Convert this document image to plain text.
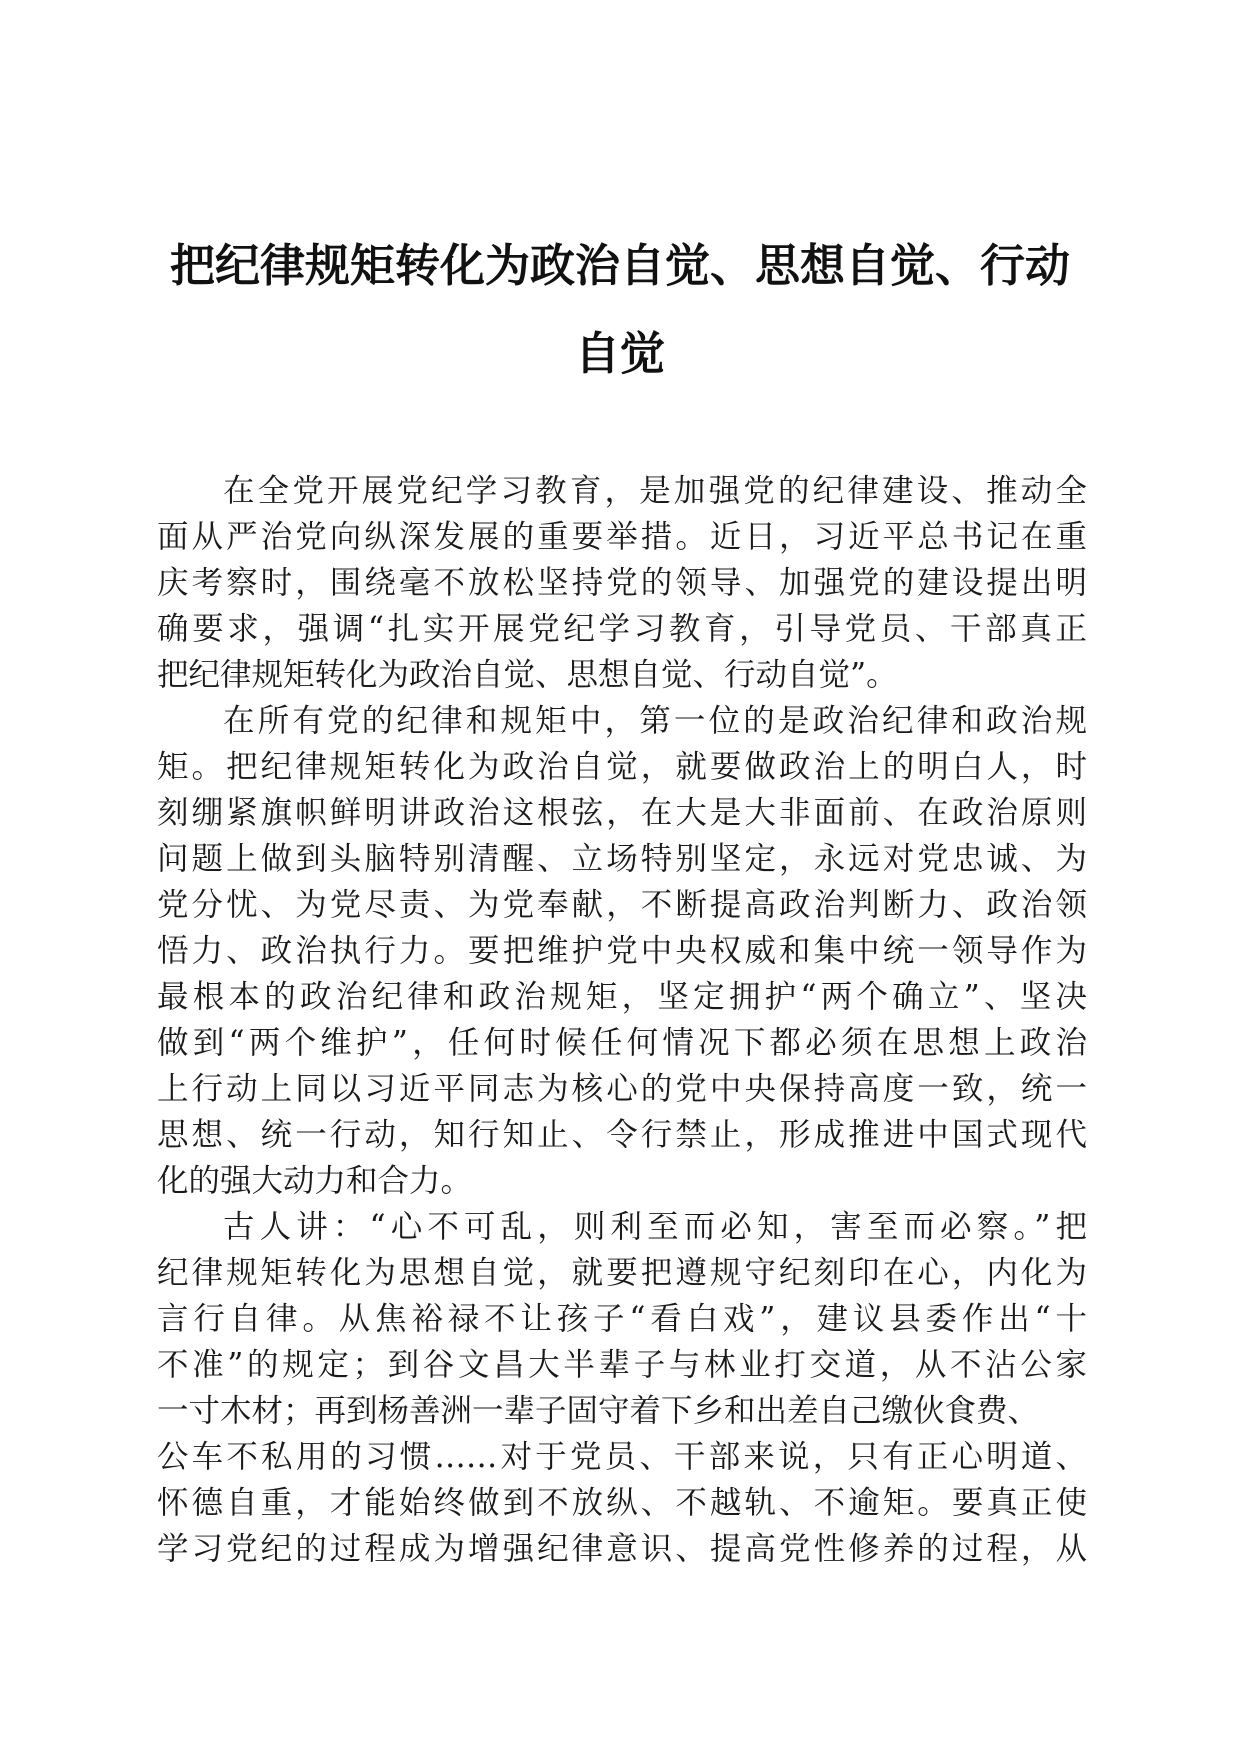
把纪律规矩转化为政治自觉、思想自觉、行动
自觉
在全党开展党纪学习教育，是加强党的纪律建设、推动全
面从严治党向纵深发展的重要举措。近日，习近平总书记在重
庆考察时，围绕毫不放松坚持党的领导、加强党的建设提出明
确要求，强调“扎实开展党纪学习教育，引导党员、干部真正
把纪律规矩转化为政治自觉、思想自觉、行动自觉”。
在所有党的纪律和规矩中，第一位的是政治纪律和政治规
矩。把纪律规矩转化为政治自觉，就要做政治上的明白人，时
刻绷紧旗帜鲜明讲政治这根弦，在大是大非面前、在政治原则
问题上做到头脑特别清醒、立场特别坚定，永远对党忠诚、为
党分忧、为党尽责、为党奉献，不断提高政治判断力、政治领
悟力、政治执行力。要把维护党中央权威和集中统一领导作为
最根本的政治纪律和政治规矩，坚定拥护“两个确立”、坚决
做到“两个维护”，任何时候任何情况下都必须在思想上政治
上行动上同以习近平同志为核心的党中央保持高度一致，统一
思想、统一行动，知行知止、令行禁止，形成推进中国式现代
化的强大动力和合力。
古人讲：“心不可乱，则利至而必知，害至而必察。”把
纪律规矩转化为思想自觉，就要把遵规守纪刻印在心，内化为
言行自律。从焦裕禄不让孩子“看白戏”，建议县委作出“十
不准”的规定；到谷文昌大半辈子与林业打交道，从不沾公家
一寸木材；再到杨善洲一辈子固守着下乡和出差自己缴伙食费、
公车不私用的习惯……对于党员、干部来说，只有正心明道、
怀德自重，才能始终做到不放纵、不越轨、不逾矩。要真正使
学习党纪的过程成为增强纪律意识、提高党性修养的过程，从
